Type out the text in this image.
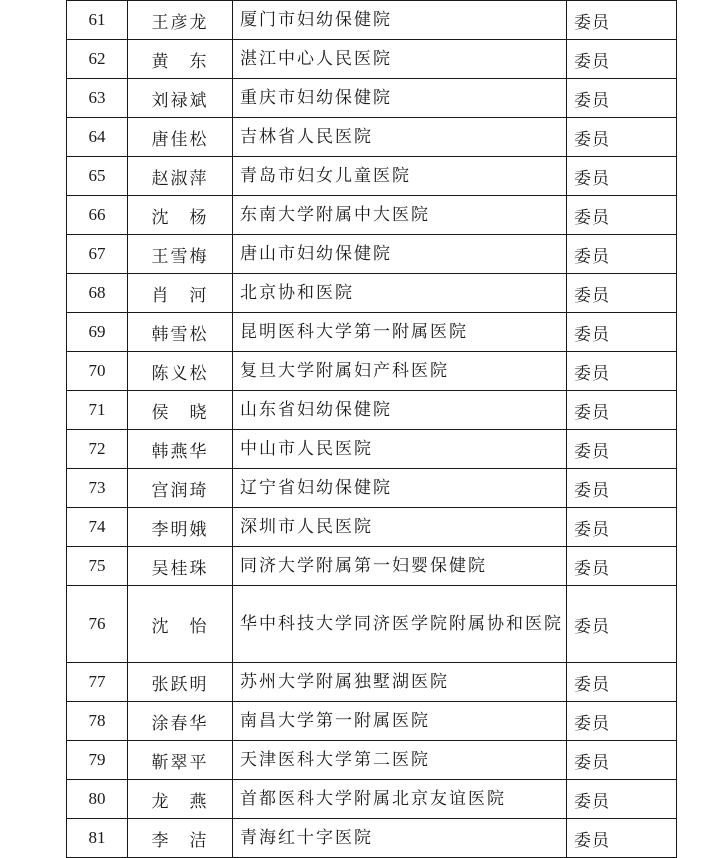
61	王彦龙	厦门市妇幼保健院	委员
62	黄　东	湛江中心人民医院	委员
63	刘禄斌	重庆市妇幼保健院	委员
64	唐佳松	吉林省人民医院	委员
65	赵淑萍	青岛市妇女儿童医院	委员
66	沈　杨	东南大学附属中大医院	委员
67	王雪梅	唐山市妇幼保健院	委员
68	肖　河	北京协和医院	委员
69	韩雪松	昆明医科大学第一附属医院	委员
70	陈义松	复旦大学附属妇产科医院	委员
71	侯　晓	山东省妇幼保健院	委员
72	韩燕华	中山市人民医院	委员
73	宫润琦	辽宁省妇幼保健院	委员
74	李明娥	深圳市人民医院	委员
75	吴桂珠	同济大学附属第一妇婴保健院	委员
76	沈　怡	华中科技大学同济医学院附属协和医院	委员
77	张跃明	苏州大学附属独墅湖医院	委员
78	涂春华	南昌大学第一附属医院	委员
79	靳翠平	天津医科大学第二医院	委员
80	龙　燕	首都医科大学附属北京友谊医院	委员
81	李　洁	青海红十字医院	委员
